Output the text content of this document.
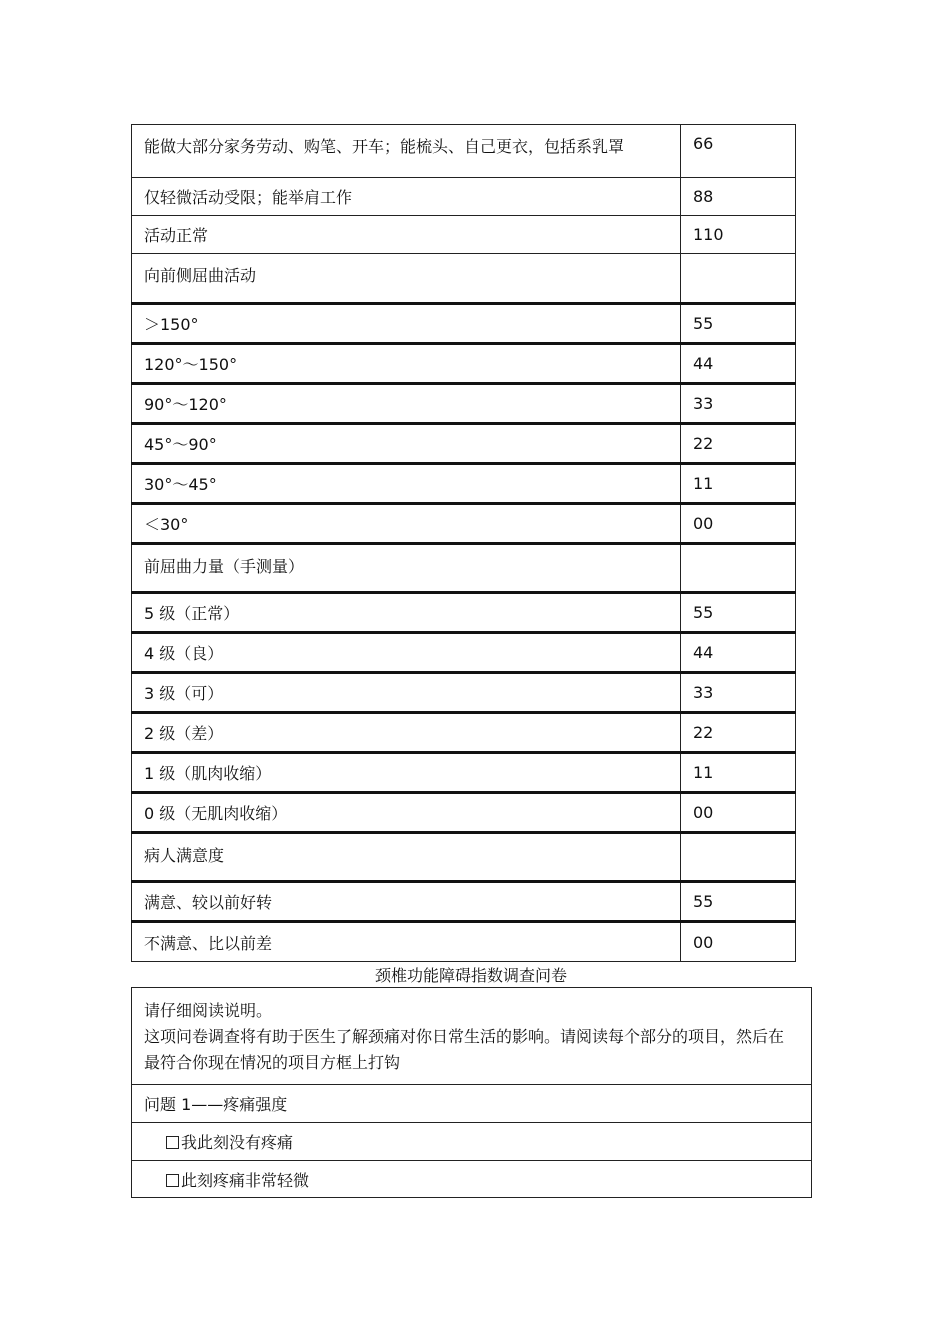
能做大部分家务劳动、购笔、开车；能梳头、自己更衣，包括系乳罩	66
仅轻微活动受限；能举肩工作	88
活动正常	110
向前侧屈曲活动	
＞150°	55
120°～150°	44
90°～120°	33
45°～90°	22
30°～45°	11
＜30°	00
前屈曲力量（手测量）	
5 级（正常）	55
4 级（良）	44
3 级（可）	33
2 级（差）	22
1 级（肌肉收缩）	11
0 级（无肌肉收缩）	00
病人满意度	
满意、较以前好转	55
不满意、比以前差	00
颈椎功能障碍指数调查问卷
请仔细阅读说明。
这项问卷调查将有助于医生了解颈痛对你日常生活的影响。请阅读每个部分的项目，然后在最符合你现在情况的项目方框上打钩

问题 1——疼痛强度
我此刻没有疼痛
此刻疼痛非常轻微
